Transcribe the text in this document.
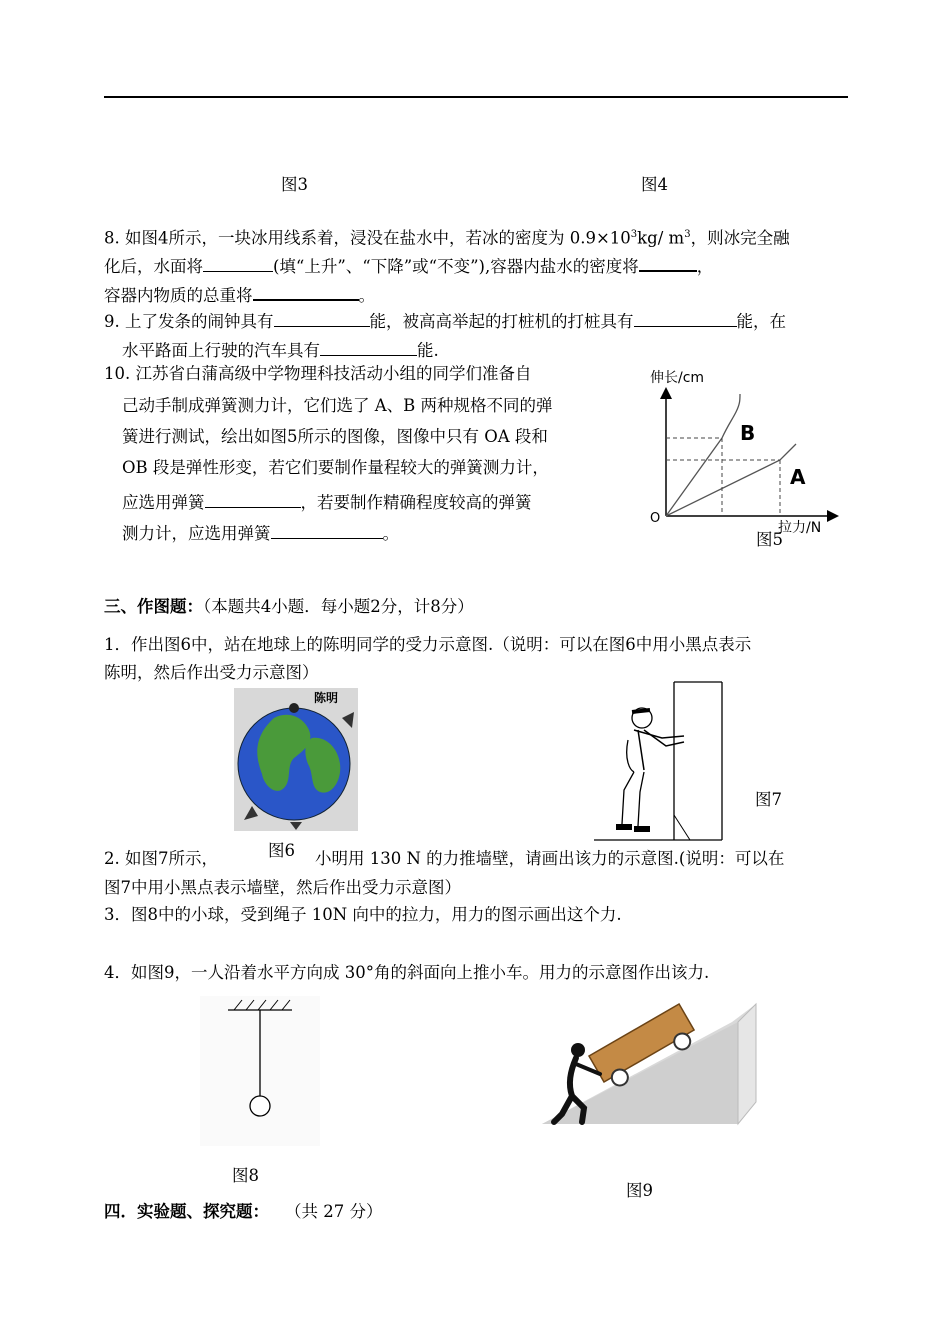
图3	图4
8. 如图4所示，一块冰用线系着，浸没在盐水中，若冰的密度为 $0.9\times 10^3kg/$ $m^3$，则冰完全融
化后，水面将	(填“上升”、“下降”或“不变”),容器内盐水的密度将	，
容器内物质的总重将	。
9. 上了发条的闹钟具有	能，被高高举起的打桩机的打桩具有	能，在
水平路面上行驶的汽车具有	能.
10. 江苏省白蒲高级中学物理科技活动小组的同学们准备自
己动手制成弹簧测力计，它们选了 A、B 两种规格不同的弹
簧进行测试，绘出如图5所示的图像，图像中只有 OA 段和
OB 段是弹性形变，若它们要制作量程较大的弹簧测力计，
应选用弹簧	，若要制作精确程度较高的弹簧
测力计，应选用弹簧	。
伸长/cm
拉力/N
O
B
A
图5
三、作图题：（本题共4小题．每小题2分，计8分）
1．作出图6中，站在地球上的陈明同学的受力示意图.（说明：可以在图6中用小黑点表示
陈明，然后作出受力示意图）
陈明
图6
图7
2. 如图7所示，	小明用 130 N 的力推墙壁，请画出该力的示意图.(说明：可以在
图7中用小黑点表示墙壁，然后作出受力示意图）
3．图8中的小球，受到绳子 10N 向中的拉力，用力的图示画出这个力.
4．如图9，一人沿着水平方向成 30°角的斜面向上推小车。用力的示意图作出该力.
图8
图9
四．实验题、探究题： （共 27 分）
